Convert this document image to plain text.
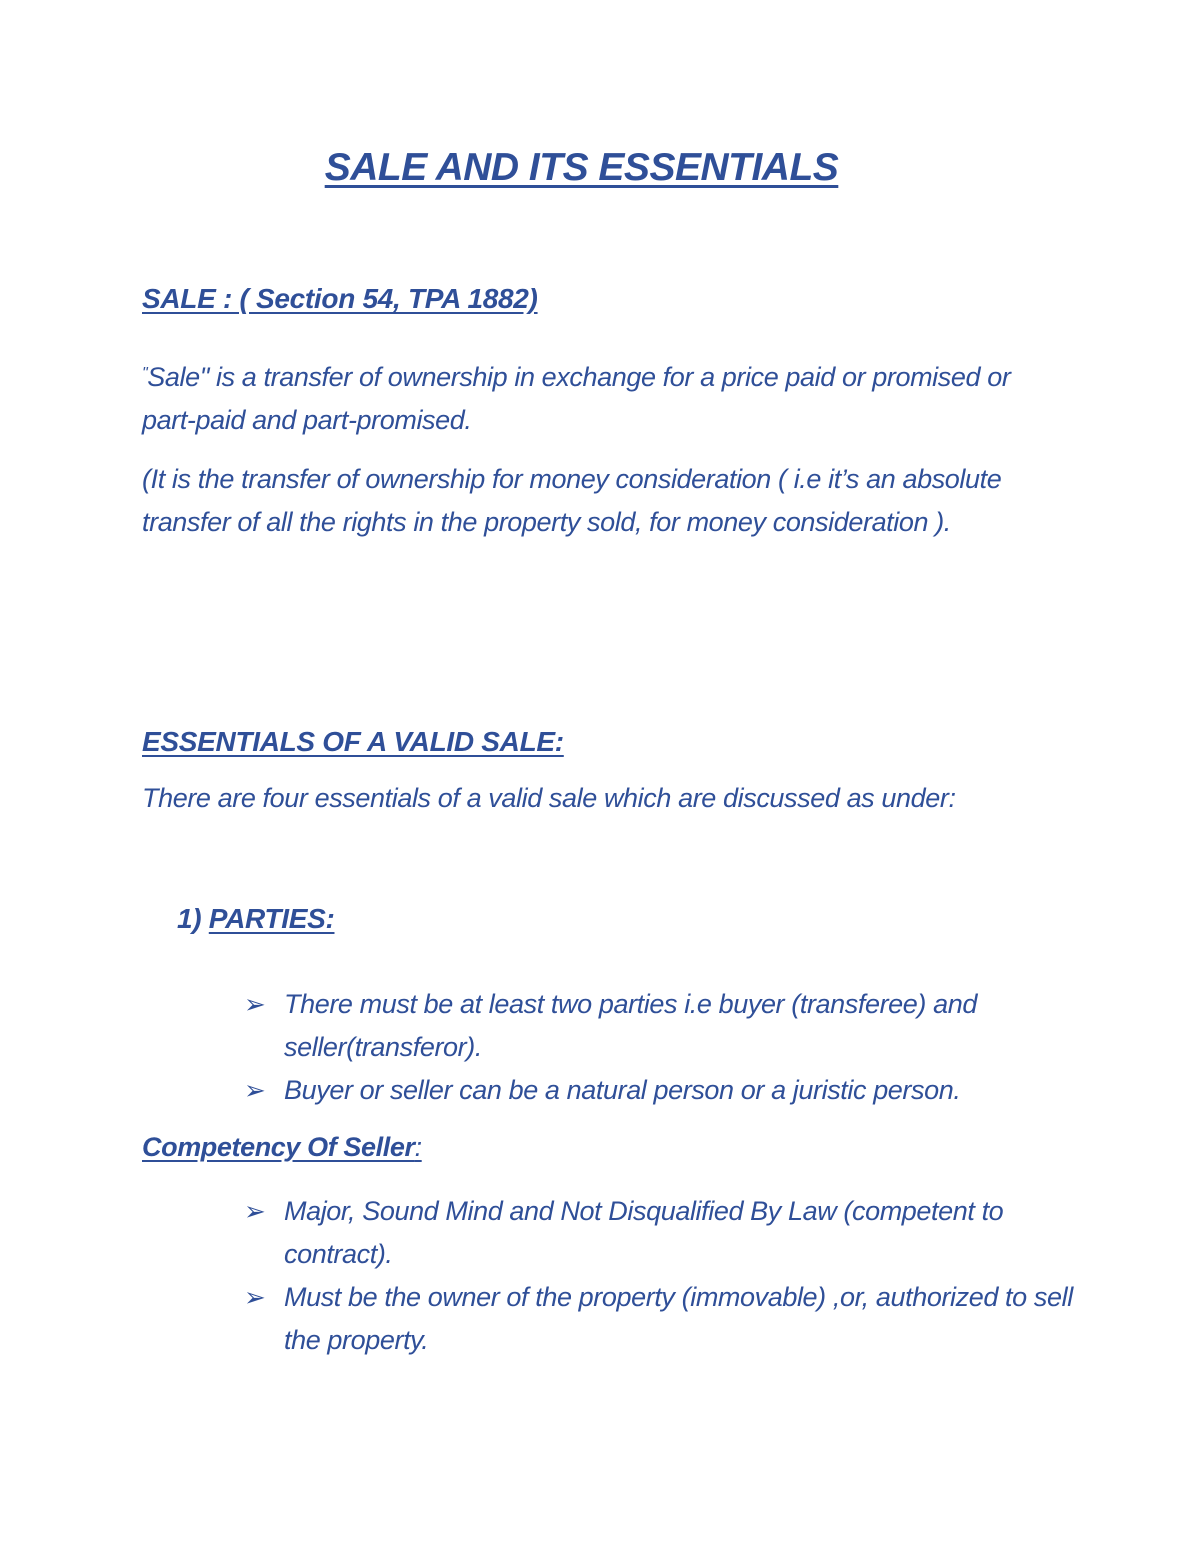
SALE AND ITS ESSENTIALS
SALE : ( Section 54, TPA 1882)
"Sale" is a transfer of ownership in exchange for a price paid or promised or part-paid and part-promised.
(It is the transfer of ownership for money consideration ( i.e it’s an absolute transfer of all the rights in the property sold, for money consideration ).
ESSENTIALS OF A VALID SALE:
There are four essentials of a valid sale which are discussed as under:
1) PARTIES:
➢ There must be at least two parties i.e buyer (transferee) and seller(transferor).
➢ Buyer or seller can be a natural person or a juristic person.
Competency Of Seller:
➢ Major, Sound Mind and Not Disqualified By Law (competent to contract).
➢ Must be the owner of the property (immovable) ,or, authorized to sell the property.
